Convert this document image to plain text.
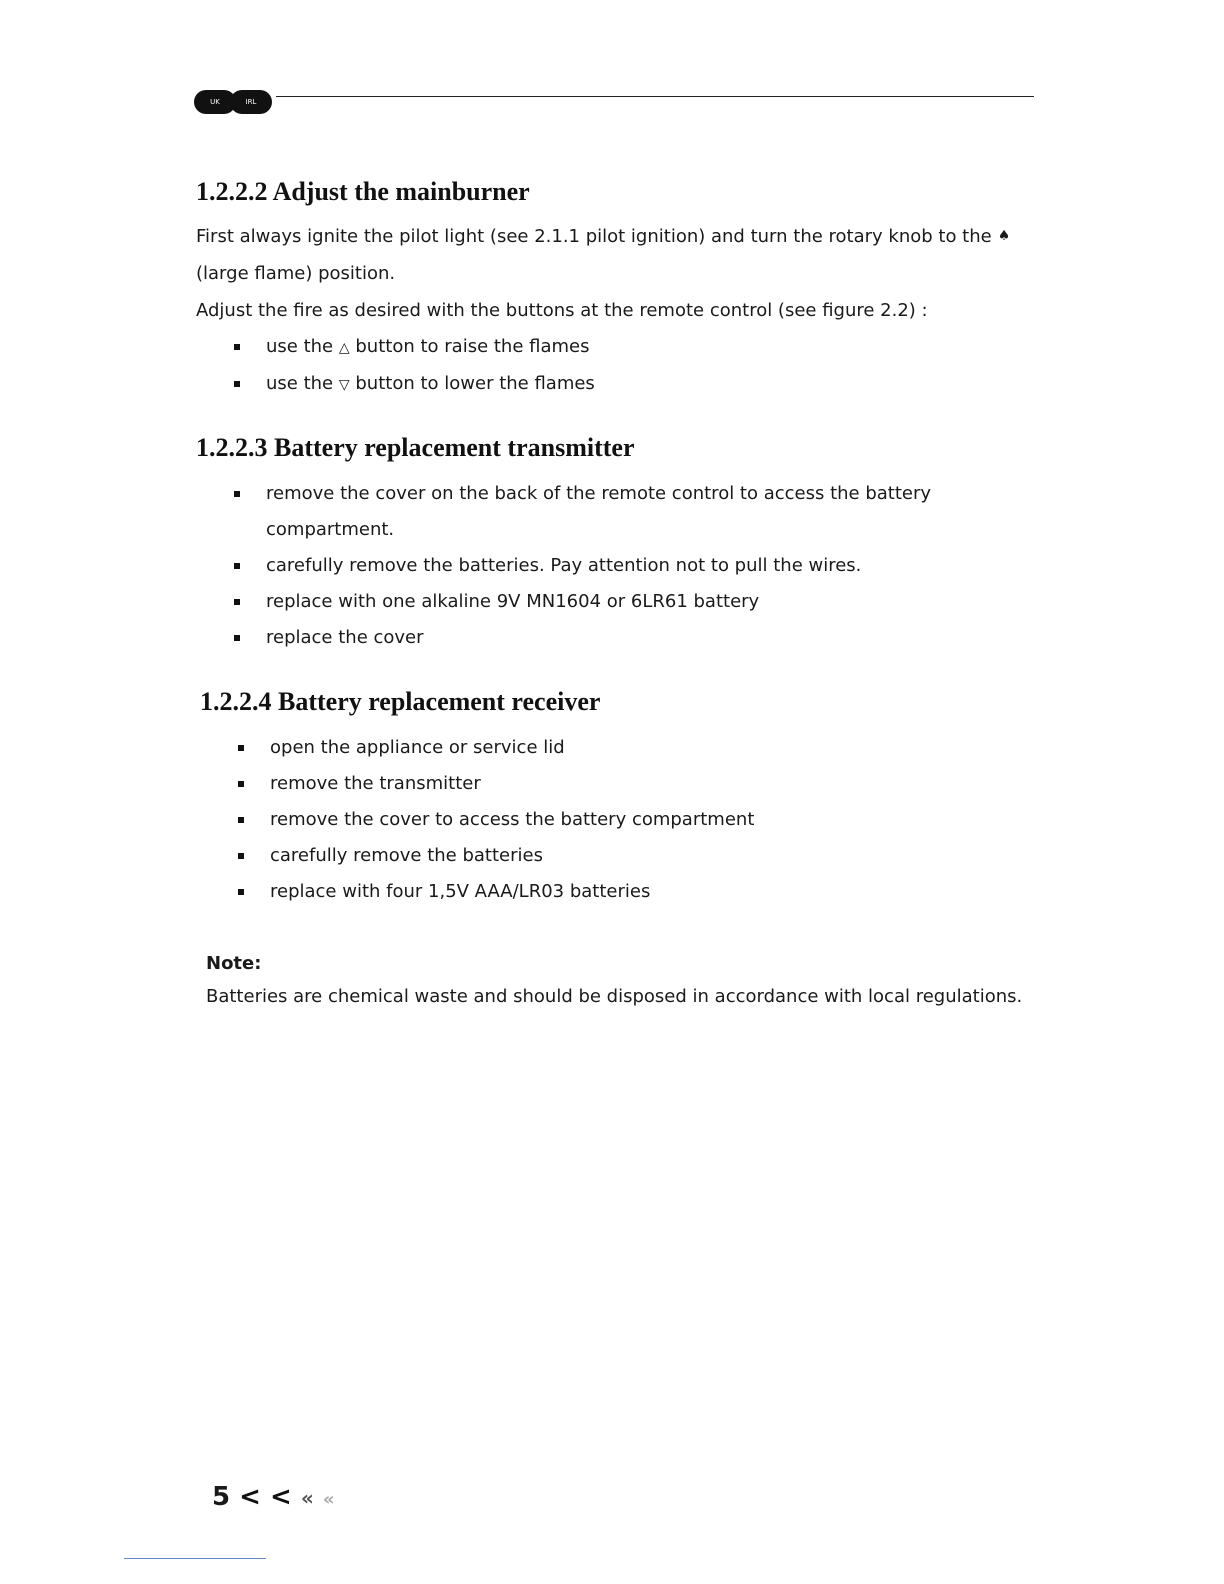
UK	IRL
1.2.2.2 Adjust the mainburner

First always ignite the pilot light (see 2.1.1 pilot ignition) and turn the rotary knob to the ♠

(large flame) position.

Adjust the fire as desired with the buttons at the remote control (see figure 2.2) :

use the △ button to raise the flames
use the ▽ button to lower the flames
1.2.2.3 Battery replacement transmitter
remove the cover on the back of the remote control to access the battery
compartment.
carefully remove the batteries. Pay attention not to pull the wires.
replace with one alkaline 9V MN1604 or 6LR61 battery
replace the cover
1.2.2.4 Battery replacement receiver
open the appliance or service lid
remove the transmitter
remove the cover to access the battery compartment
carefully remove the batteries
replace with four 1,5V AAA/LR03 batteries

Note:

Batteries are chemical waste and should be disposed in accordance with local regulations.

5 < < « «
